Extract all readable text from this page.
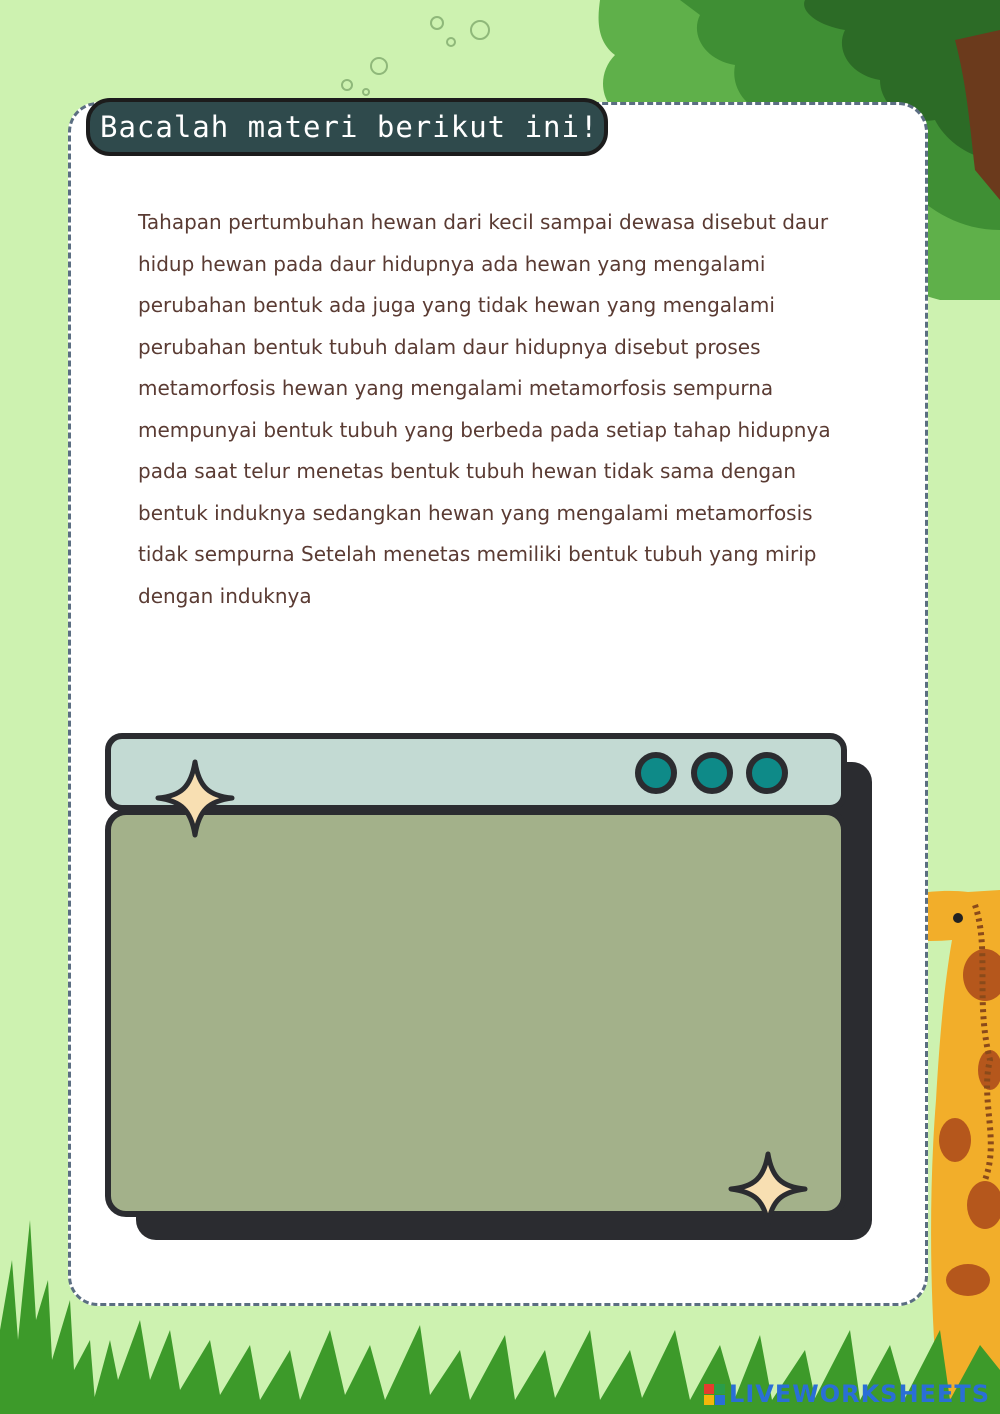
Bacalah materi berikut ini!

Tahapan pertumbuhan hewan dari kecil sampai dewasa disebut daur hidup hewan pada daur hidupnya ada hewan yang mengalami perubahan bentuk ada juga yang tidak hewan yang mengalami perubahan bentuk tubuh dalam daur hidupnya disebut proses metamorfosis hewan yang mengalami metamorfosis sempurna mempunyai bentuk tubuh yang berbeda pada setiap tahap hidupnya pada saat telur menetas bentuk tubuh hewan tidak sama dengan bentuk induknya sedangkan hewan yang mengalami metamorfosis tidak sempurna Setelah menetas memiliki bentuk tubuh yang mirip dengan induknya

LIVEWORKSHEETS
